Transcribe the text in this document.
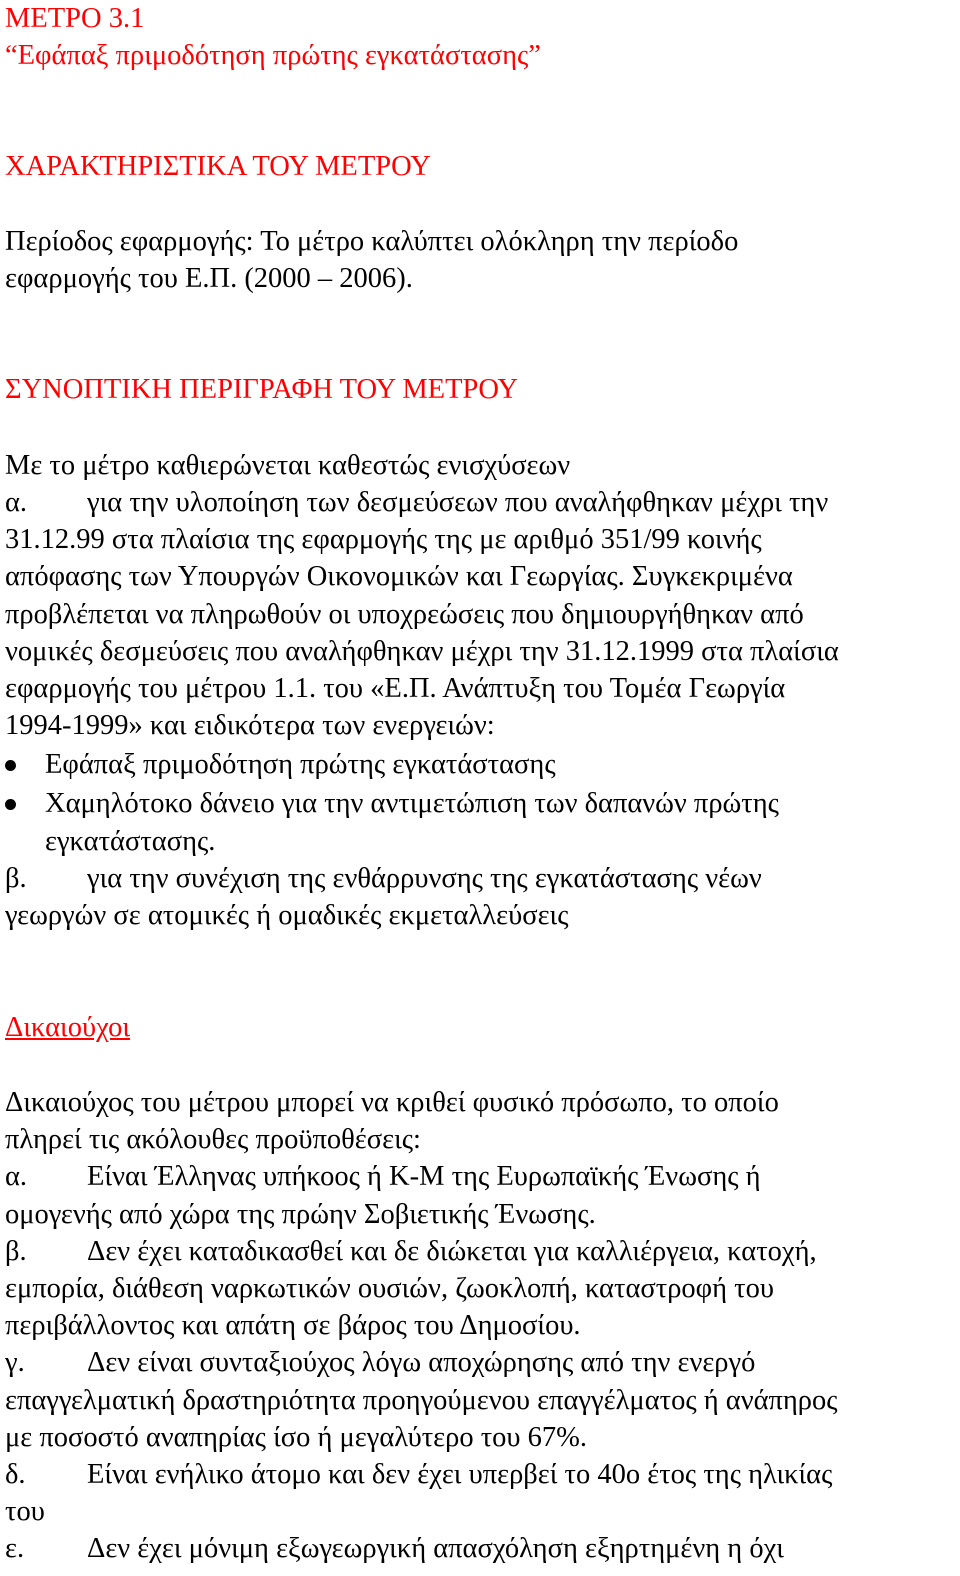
ΜΕΤΡΟ 3.1

“Εφάπαξ πριμοδότηση πρώτης εγκατάστασης”

ΧΑΡΑΚΤΗΡΙΣΤΙΚΑ ΤΟΥ ΜΕΤΡΟΥ

Περίοδος εφαρμογής: Το μέτρο καλύπτει ολόκληρη την περίοδο

εφαρμογής του Ε.Π. (2000 – 2006).

ΣΥΝΟΠΤΙΚΗ ΠΕΡΙΓΡΑΦΗ ΤΟΥ ΜΕΤΡΟΥ

Με το μέτρο καθιερώνεται καθεστώς ενισχύσεων

α. για την υλοποίηση των δεσμεύσεων που αναλήφθηκαν μέχρι την

31.12.99 στα πλαίσια της εφαρμογής της με αριθμό 351/99 κοινής

απόφασης των Υπουργών Οικονομικών και Γεωργίας. Συγκεκριμένα

προβλέπεται να πληρωθούν οι υποχρεώσεις που δημιουργήθηκαν από

νομικές δεσμεύσεις που αναλήφθηκαν μέχρι την 31.12.1999 στα πλαίσια

εφαρμογής του μέτρου 1.1. του «Ε.Π. Ανάπτυξη του Τομέα Γεωργία

1994-1999» και ειδικότερα των ενεργειών:

Εφάπαξ πριμοδότηση πρώτης εγκατάστασης

Χαμηλότοκο δάνειο για την αντιμετώπιση των δαπανών πρώτης

εγκατάστασης.

β. για την συνέχιση της ενθάρρυνσης της εγκατάστασης νέων

γεωργών σε ατομικές ή ομαδικές εκμεταλλεύσεις

Δικαιούχοι

Δικαιούχος του μέτρου μπορεί να κριθεί φυσικό πρόσωπο, το οποίο

πληρεί τις ακόλουθες προϋποθέσεις:

α. Είναι Έλληνας υπήκοος ή Κ-Μ της Ευρωπαϊκής Ένωσης ή

ομογενής από χώρα της πρώην Σοβιετικής Ένωσης.

β. Δεν έχει καταδικασθεί και δε διώκεται για καλλιέργεια, κατοχή,

εμπορία, διάθεση ναρκωτικών ουσιών, ζωοκλοπή, καταστροφή του

περιβάλλοντος και απάτη σε βάρος του Δημοσίου.

γ. Δεν είναι συνταξιούχος λόγω αποχώρησης από την ενεργό

επαγγελματική δραστηριότητα προηγούμενου επαγγέλματος ή ανάπηρος

με ποσοστό αναπηρίας ίσο ή μεγαλύτερο του 67%.

δ. Είναι ενήλικο άτομο και δεν έχει υπερβεί το 40ο έτος της ηλικίας

του

ε. Δεν έχει μόνιμη εξωγεωργική απασχόληση εξηρτημένη η όχι
